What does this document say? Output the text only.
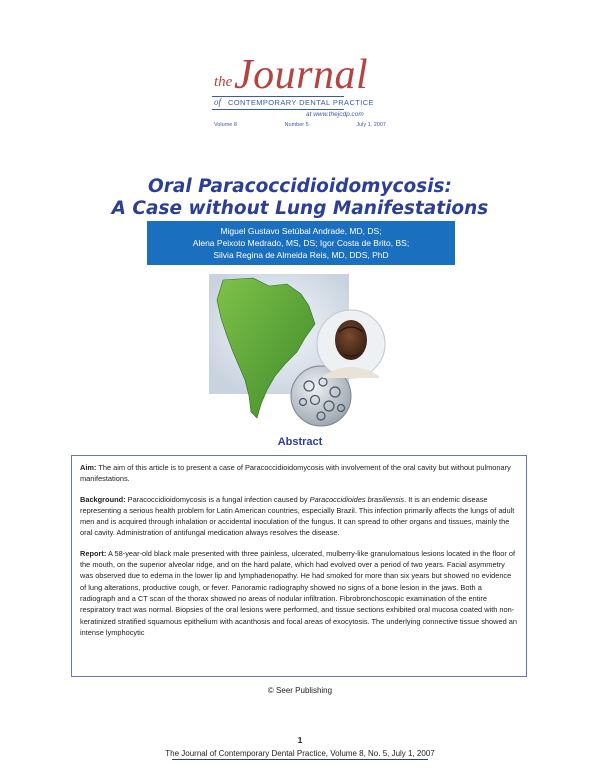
the Journal
of CONTEMPORARY DENTAL PRACTICE
at www.thejcdp.com
Volume 8	Number 5	July 1, 2007
Oral Paracoccidioidomycosis:
A Case without Lung Manifestations
Miguel Gustavo Setúbal Andrade, MD, DS;
Alena Peixoto Medrado, MS, DS; Igor Costa de Brito, BS;
Silvia Regina de Almeida Reis, MD, DDS, PhD
Abstract

Aim: The aim of this article is to present a case of Paracoccidioidomycosis with involvement of the oral cavity but without pulmonary manifestations.

Background: Paracoccidioidomycosis is a fungal infection caused by Paracoccidioides brasiliensis. It is an endemic disease representing a serious health problem for Latin American countries, especially Brazil. This infection primarily affects the lungs of adult men and is acquired through inhalation or accidental inoculation of the fungus. It can spread to other organs and tissues, mainly the oral cavity. Administration of antifungal medication always resolves the disease.

Report: A 58-year-old black male presented with three painless, ulcerated, mulberry-like granulomatous lesions located in the floor of the mouth, on the superior alveolar ridge, and on the hard palate, which had evolved over a period of two years. Facial asymmetry was observed due to edema in the lower lip and lymphadenopathy. He had smoked for more than six years but showed no evidence of lung alterations, productive cough, or fever. Panoramic radiography showed no signs of a bone lesion in the jaws. Both a radiograph and a CT scan of the thorax showed no areas of nodular infiltration. Fibrobronchoscopic examination of the entire respiratory tract was normal. Biopsies of the oral lesions were performed, and tissue sections exhibited oral mucosa coated with non-keratinized stratified squamous epithelium with acanthosis and focal areas of exocytosis. The underlying connective tissue showed an intense lymphocytic

© Seer Publishing
1
The Journal of Contemporary Dental Practice, Volume 8, No. 5, July 1, 2007
